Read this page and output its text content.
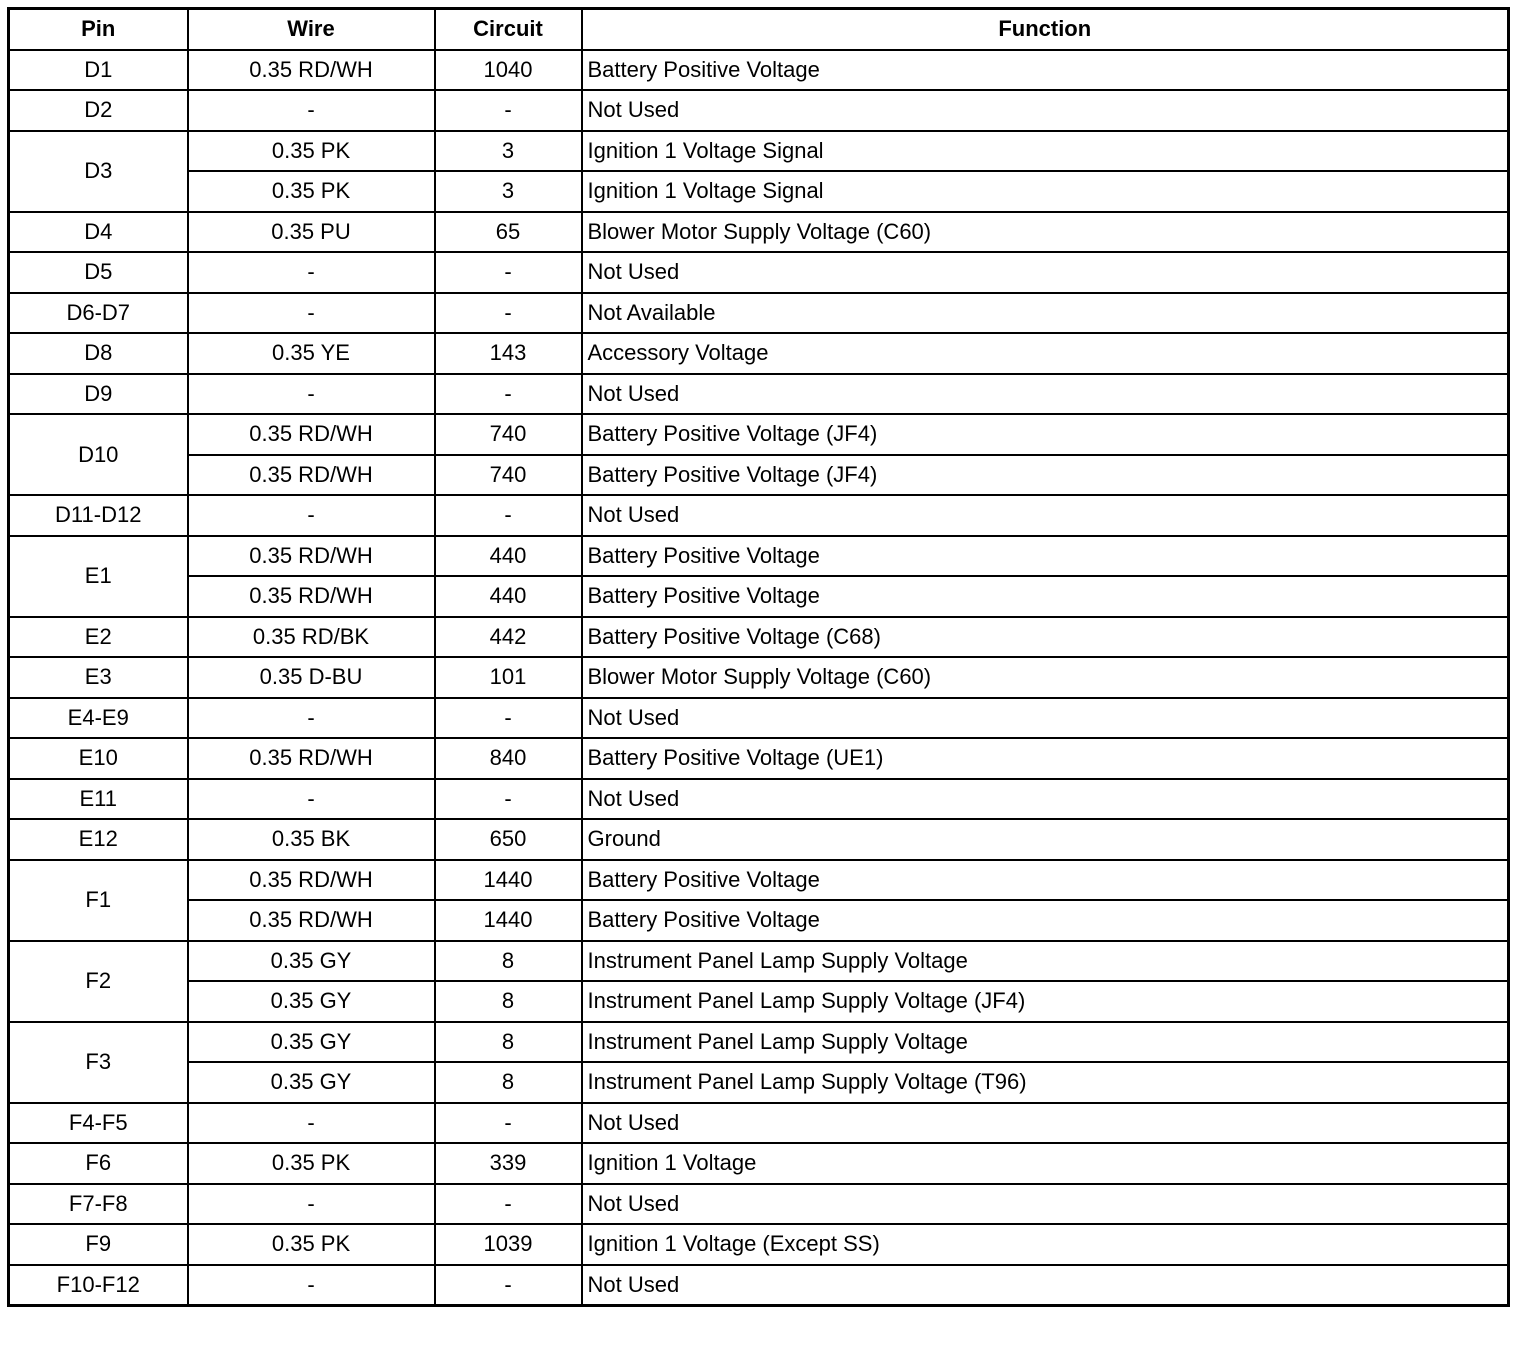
Pin	Wire	Circuit	Function
D1	0.35 RD/WH	1040	Battery Positive Voltage
D2	-	-	Not Used
D3	0.35 PK	3	Ignition 1 Voltage Signal
	0.35 PK	3	Ignition 1 Voltage Signal
D4	0.35 PU	65	Blower Motor Supply Voltage (C60)
D5	-	-	Not Used
D6-D7	-	-	Not Available
D8	0.35 YE	143	Accessory Voltage
D9	-	-	Not Used
D10	0.35 RD/WH	740	Battery Positive Voltage (JF4)
	0.35 RD/WH	740	Battery Positive Voltage (JF4)
D11-D12	-	-	Not Used
E1	0.35 RD/WH	440	Battery Positive Voltage
	0.35 RD/WH	440	Battery Positive Voltage
E2	0.35 RD/BK	442	Battery Positive Voltage (C68)
E3	0.35 D-BU	101	Blower Motor Supply Voltage (C60)
E4-E9	-	-	Not Used
E10	0.35 RD/WH	840	Battery Positive Voltage (UE1)
E11	-	-	Not Used
E12	0.35 BK	650	Ground
F1	0.35 RD/WH	1440	Battery Positive Voltage
	0.35 RD/WH	1440	Battery Positive Voltage
F2	0.35 GY	8	Instrument Panel Lamp Supply Voltage
	0.35 GY	8	Instrument Panel Lamp Supply Voltage (JF4)
F3	0.35 GY	8	Instrument Panel Lamp Supply Voltage
	0.35 GY	8	Instrument Panel Lamp Supply Voltage (T96)
F4-F5	-	-	Not Used
F6	0.35 PK	339	Ignition 1 Voltage
F7-F8	-	-	Not Used
F9	0.35 PK	1039	Ignition 1 Voltage (Except SS)
F10-F12	-	-	Not Used
